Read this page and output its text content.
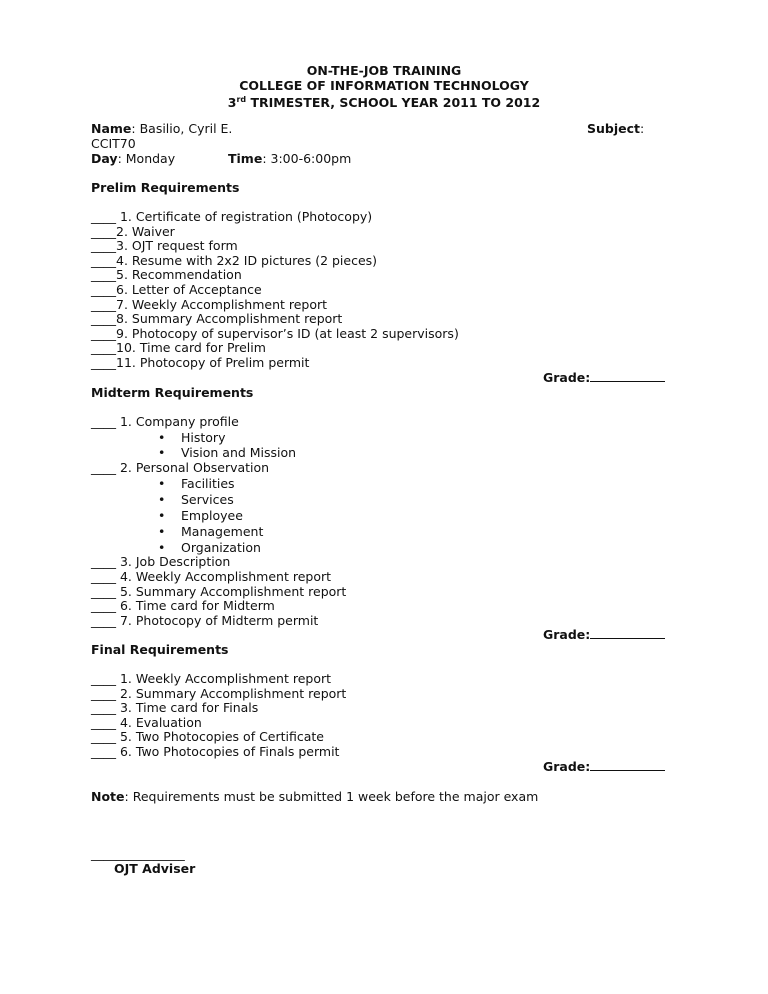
ON-THE-JOB TRAINING
COLLEGE OF INFORMATION TECHNOLOGY
3rd TRIMESTER, SCHOOL YEAR 2011 TO 2012
Name: Basilio, Cyril E.	Subject:
CCIT70
Day: Monday	Time: 3:00-6:00pm
Prelim Requirements
____ 1. Certificate of registration (Photocopy)
____2. Waiver
____3. OJT request form
____4. Resume with 2x2 ID pictures (2 pieces)
____5. Recommendation
____6. Letter of Acceptance
____7. Weekly Accomplishment report
____8. Summary Accomplishment report
____9. Photocopy of supervisor’s ID (at least 2 supervisors)
____10. Time card for Prelim
____11. Photocopy of Prelim permit
Grade:
Midterm Requirements
____ 1. Company profile
• History
• Vision and Mission
____ 2. Personal Observation
• Facilities
• Services
• Employee
• Management
• Organization
____ 3. Job Description
____ 4. Weekly Accomplishment report
____ 5. Summary Accomplishment report
____ 6. Time card for Midterm
____ 7. Photocopy of Midterm permit
Grade:
Final Requirements
____ 1. Weekly Accomplishment report
____ 2. Summary Accomplishment report
____ 3. Time card for Finals
____ 4. Evaluation
____ 5. Two Photocopies of Certificate
____ 6. Two Photocopies of Finals permit
Grade:
Note: Requirements must be submitted 1 week before the major exam
_______________
OJT Adviser
